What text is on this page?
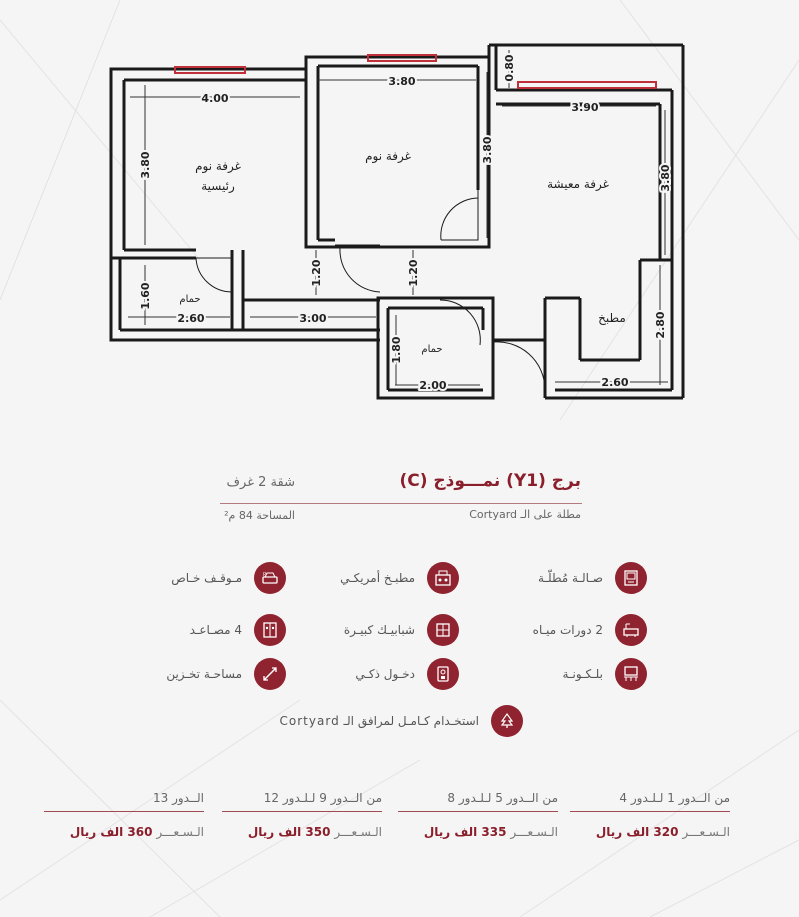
4.00
3.80
3.90
2.60	3.00
2.00	2.60
3.80
3.80
3.80
0.80
1.20	1.20
1.60
1.80
2.80
غرفة نوم
رئيسية
غرفة نوم
غرفة معيشة
مطبخ
حمام
حمام
برج (Y1) نمـــوذج (C)
مطلة على الـ Cortyard
شقة 2 غرف
المساحة 84 م²
صـالـة مُطلّـة
مطبـخ أمريكـي
P
مـوقـف خـاص
2 دورات ميـاه
شبابيـك كبيـرة
4 مصـاعـد
بلـكـونـة
دخـول ذكـي
مساحـة تخـزين
استخـدام كـامـل لمرافق الـ Cortyard
من الــدور 1 لـلـدور 4
الـسـعـــر 320 الف ريال
من الــدور 5 لـلـدور 8
الـسـعـــر 335 الف ريال
من الــدور 9 لـلـدور 12
الـسـعـــر 350 الف ريال
الــدور 13
الـسـعـــر 360 الف ريال
